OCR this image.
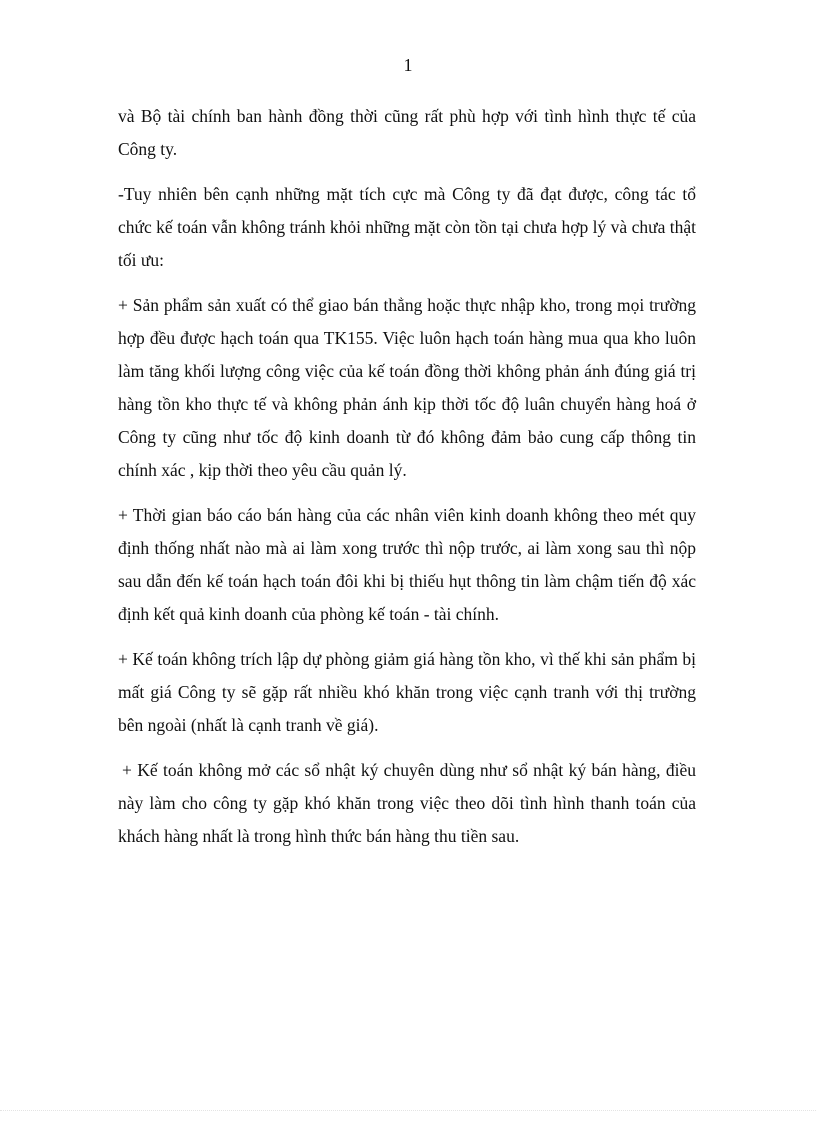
1

và Bộ tài chính ban hành đồng thời cũng rất phù hợp với tình hình thực tế của Công ty.

-Tuy nhiên bên cạnh những mặt tích cực mà Công ty đã đạt được, công tác tổ chức kế toán vẫn không tránh khỏi những mặt còn tồn tại chưa hợp lý và chưa thật tối ưu:

+ Sản phẩm sản xuất có thể giao bán thẳng hoặc thực nhập kho, trong mọi trường hợp đều được hạch toán qua TK155. Việc luôn hạch toán hàng mua qua kho luôn làm tăng khối lượng công việc của kế toán đồng thời không phản ánh đúng giá trị hàng tồn kho thực tế và không phản ánh kịp thời tốc độ luân chuyển hàng hoá ở Công ty cũng như tốc độ kinh doanh từ đó không đảm bảo cung cấp thông tin chính xác , kịp thời theo yêu cầu quản lý.

+ Thời gian báo cáo bán hàng của các nhân viên kinh doanh không theo mét quy định thống nhất nào mà ai làm xong trước thì nộp trước, ai làm xong sau thì nộp sau dẫn đến kế toán hạch toán đôi khi bị thiếu hụt thông tin làm chậm tiến độ xác định kết quả kinh doanh của phòng kế toán - tài chính.

+ Kế toán không trích lập dự phòng giảm giá hàng tồn kho, vì thế khi sản phẩm bị mất giá Công ty sẽ gặp rất nhiều khó khăn trong việc cạnh tranh với thị trường bên ngoài (nhất là cạnh tranh về giá).

+ Kế toán không mở các sổ nhật ký chuyên dùng như sổ nhật ký bán hàng, điều này làm cho công ty gặp khó khăn trong việc theo dõi tình hình thanh toán của khách hàng nhất là trong hình thức bán hàng thu tiền sau.
